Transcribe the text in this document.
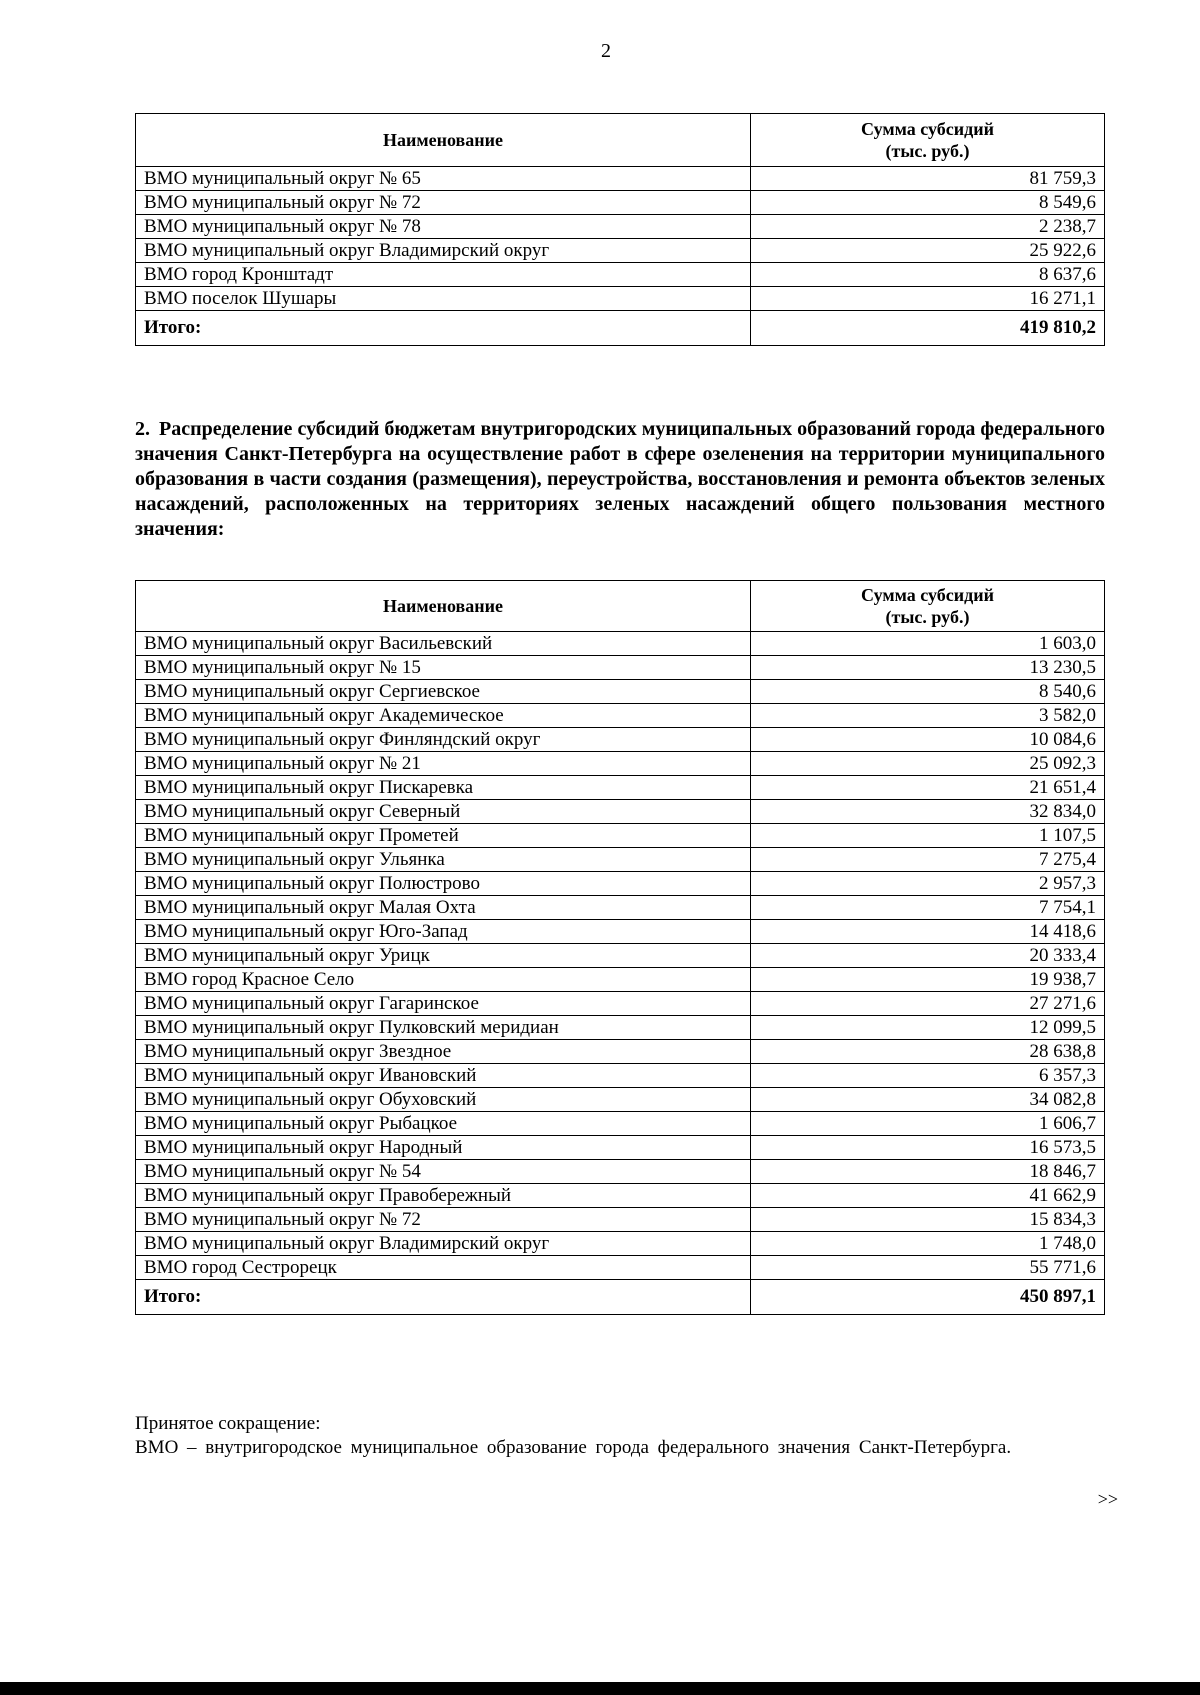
2
Наименование	Сумма субсидий
(тыс. руб.)
ВМО муниципальный округ № 65	81 759,3
ВМО муниципальный округ № 72	8 549,6
ВМО муниципальный округ № 78	2 238,7
ВМО муниципальный округ Владимирский округ	25 922,6
ВМО город Кронштадт	8 637,6
ВМО поселок Шушары	16 271,1
Итого:	419 810,2
2. Распределение субсидий бюджетам внутригородских муниципальных образований города федерального значения Санкт-Петербурга на осуществление работ в сфере озеленения на территории муниципального образования в части создания (размещения), переустройства, восстановления и ремонта объектов зеленых насаждений, расположенных на территориях зеленых насаждений общего пользования местного значения:
Наименование	Сумма субсидий
(тыс. руб.)
ВМО муниципальный округ Васильевский	1 603,0
ВМО муниципальный округ № 15	13 230,5
ВМО муниципальный округ Сергиевское	8 540,6
ВМО муниципальный округ Академическое	3 582,0
ВМО муниципальный округ Финляндский округ	10 084,6
ВМО муниципальный округ № 21	25 092,3
ВМО муниципальный округ Пискаревка	21 651,4
ВМО муниципальный округ Северный	32 834,0
ВМО муниципальный округ Прометей	1 107,5
ВМО муниципальный округ Ульянка	7 275,4
ВМО муниципальный округ Полюстрово	2 957,3
ВМО муниципальный округ Малая Охта	7 754,1
ВМО муниципальный округ Юго-Запад	14 418,6
ВМО муниципальный округ Урицк	20 333,4
ВМО город Красное Село	19 938,7
ВМО муниципальный округ Гагаринское	27 271,6
ВМО муниципальный округ Пулковский меридиан	12 099,5
ВМО муниципальный округ Звездное	28 638,8
ВМО муниципальный округ Ивановский	6 357,3
ВМО муниципальный округ Обуховский	34 082,8
ВМО муниципальный округ Рыбацкое	1 606,7
ВМО муниципальный округ Народный	16 573,5
ВМО муниципальный округ № 54	18 846,7
ВМО муниципальный округ Правобережный	41 662,9
ВМО муниципальный округ № 72	15 834,3
ВМО муниципальный округ Владимирский округ	1 748,0
ВМО город Сестрорецк	55 771,6
Итого:	450 897,1
Принятое сокращение:
ВМО – внутригородское муниципальное образование города федерального значения Санкт-Петербурга.
>>
